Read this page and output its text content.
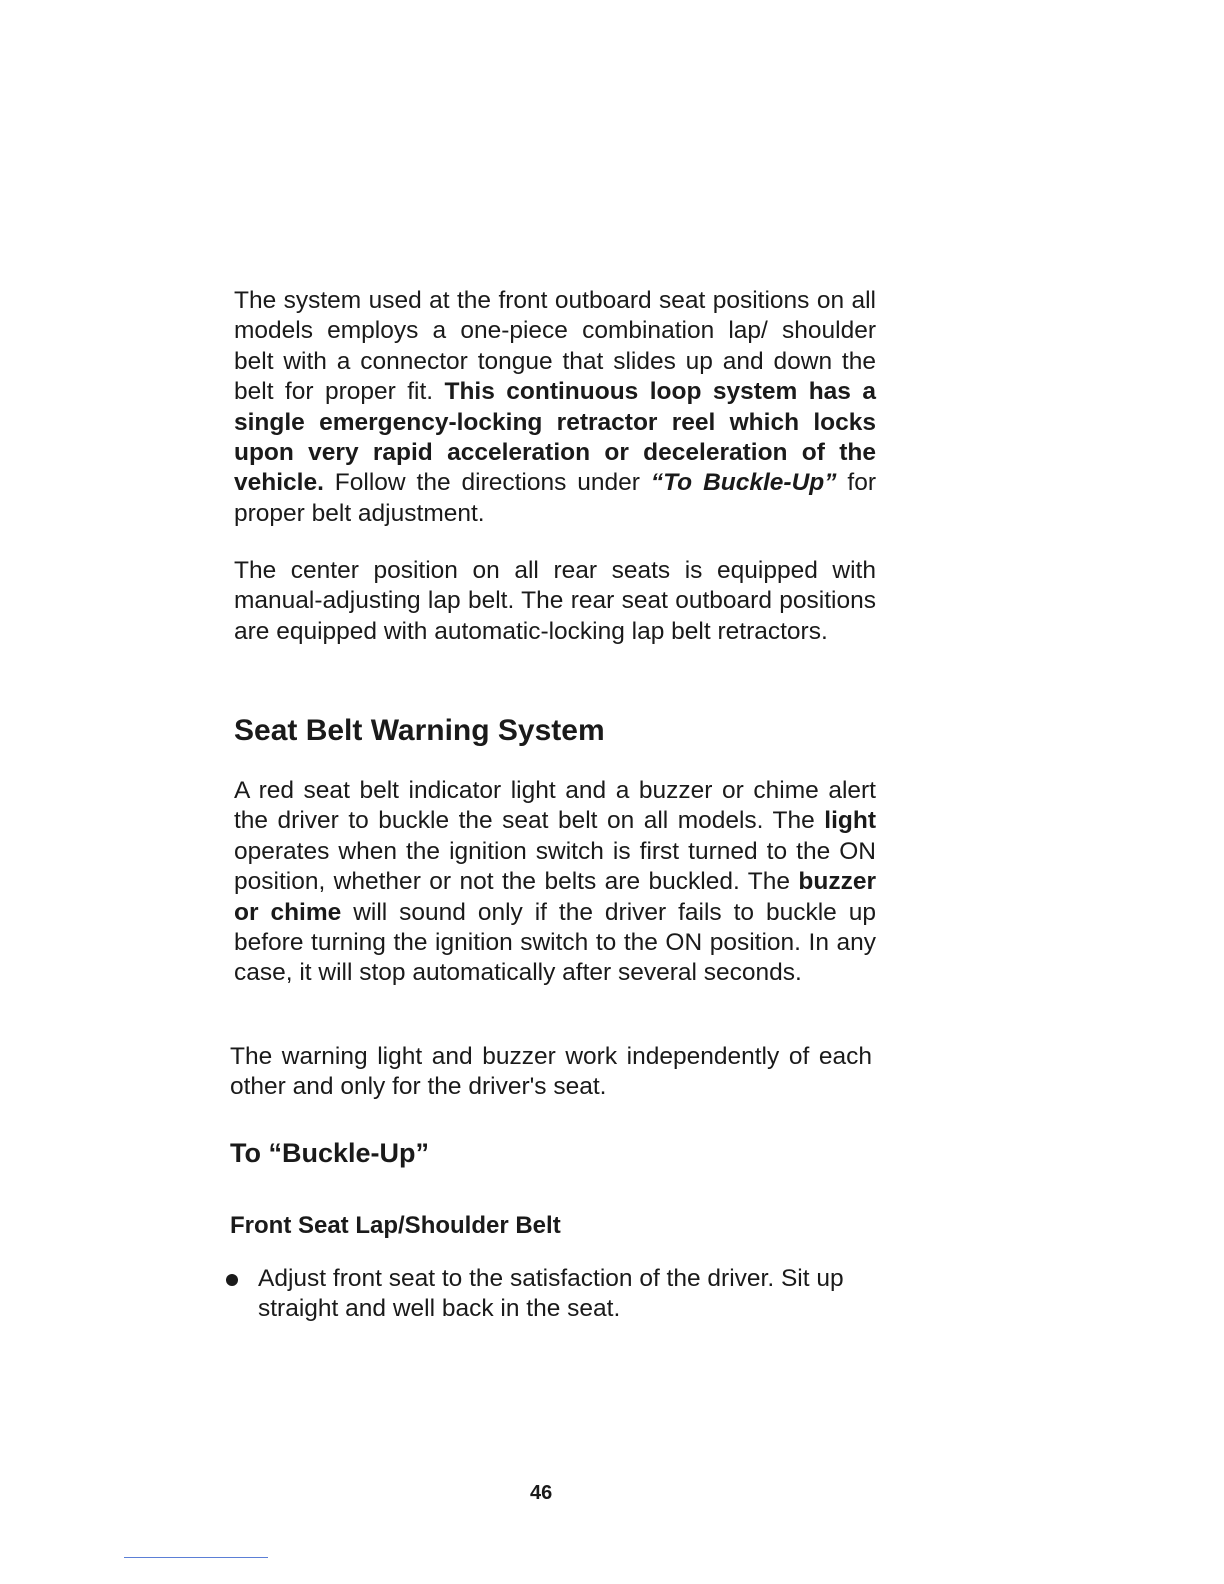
The system used at the front outboard seat positions on all models employs a one-piece combination lap/ shoulder belt with a connector tongue that slides up and down the belt for proper fit. This continuous loop system has a single emergency-locking retractor reel which locks upon very rapid acceleration or deceleration of the vehicle. Follow the directions under “To Buckle-Up” for proper belt adjustment.

The center position on all rear seats is equipped with manual-adjusting lap belt. The rear seat outboard positions are equipped with automatic-locking lap belt retractors.

Seat Belt Warning System

A red seat belt indicator light and a buzzer or chime alert the driver to buckle the seat belt on all models. The light operates when the ignition switch is first turned to the ON position, whether or not the belts are buckled. The buzzer or chime will sound only if the driver fails to buckle up before turning the ignition switch to the ON position. In any case, it will stop automatically after several seconds.

The warning light and buzzer work independently of each other and only for the driver's seat.

To “Buckle-Up”
Front Seat Lap/Shoulder Belt

Adjust front seat to the satisfaction of the driver. Sit up straight and well back in the seat.

46
